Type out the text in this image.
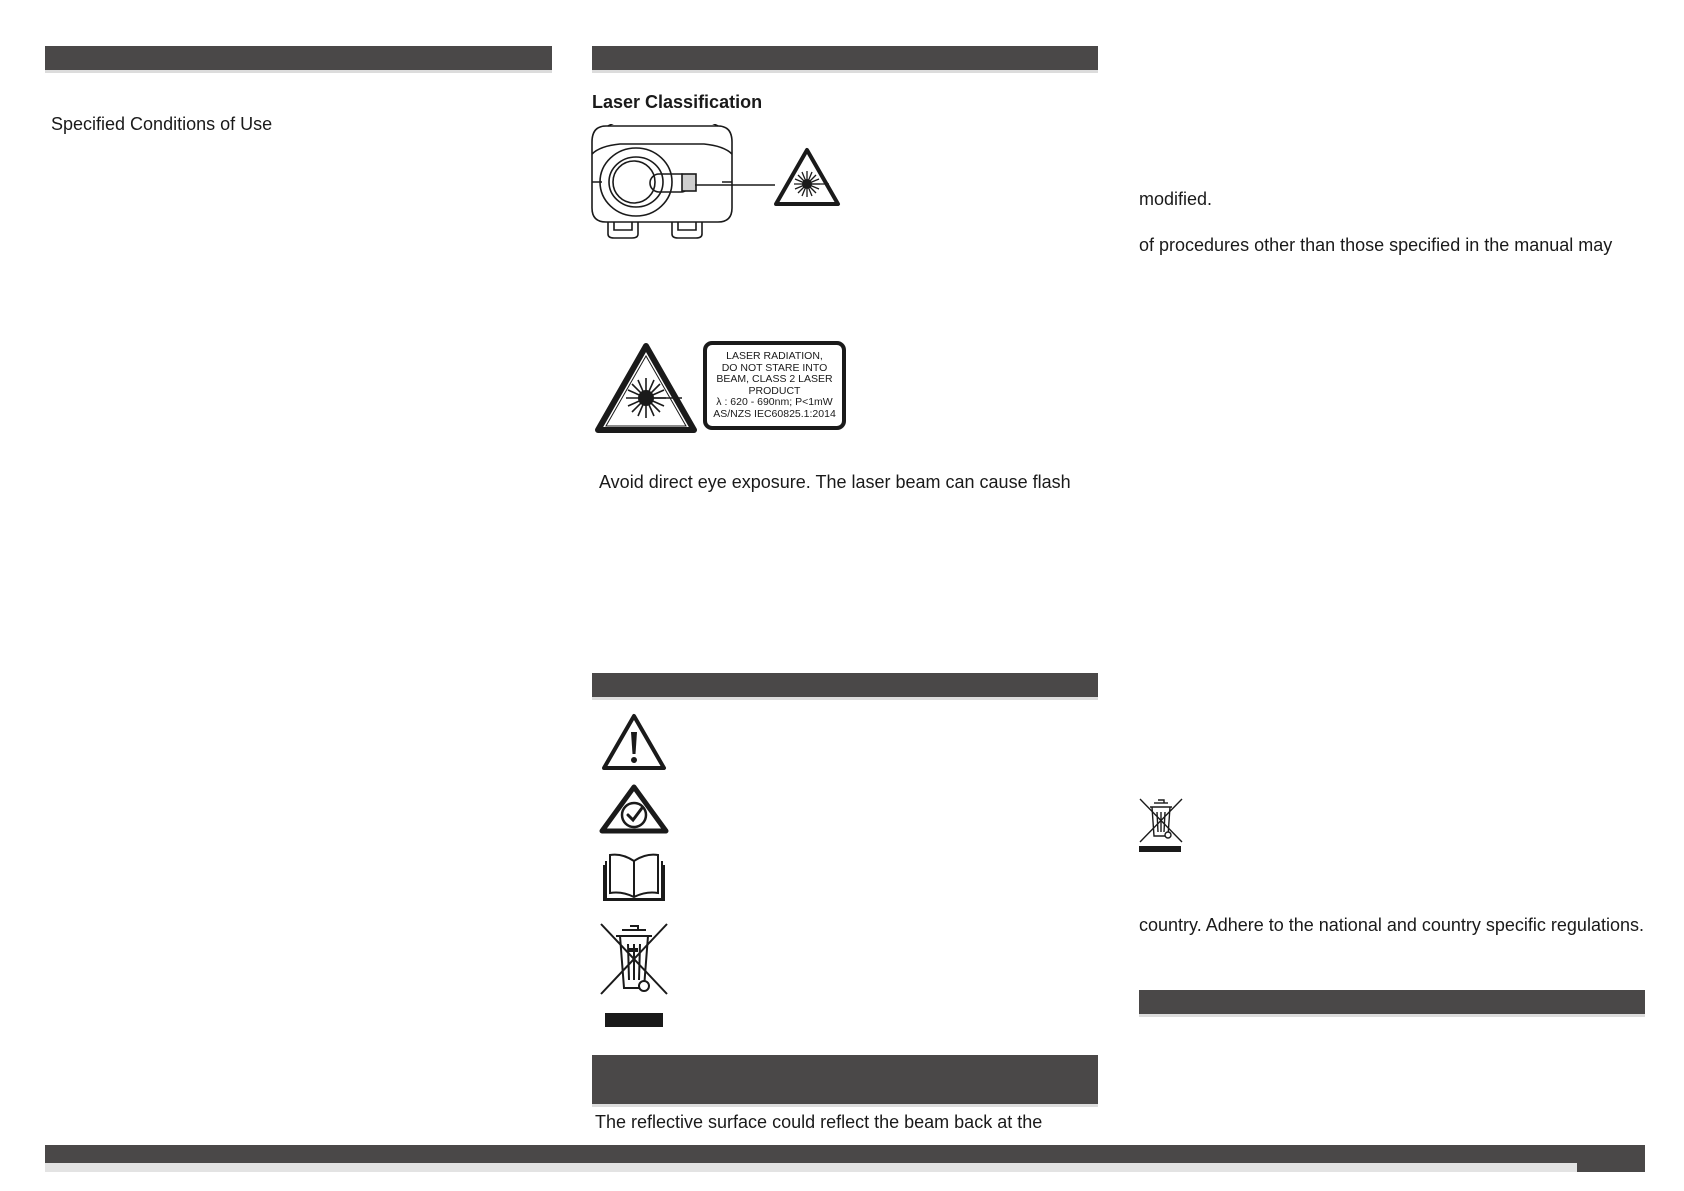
Specified Conditions of Use
Laser Classification
LASER RADIATION,
DO NOT STARE INTO
BEAM, CLASS 2 LASER
PRODUCT
λ : 620 - 690nm; P<1mW
AS/NZS IEC60825.1:2014
Avoid direct eye exposure. The laser beam can cause flash
The reflective surface could reflect the beam back at the
modified.
of procedures other than those specified in the manual may
country. Adhere to the national and country specific regulations.
